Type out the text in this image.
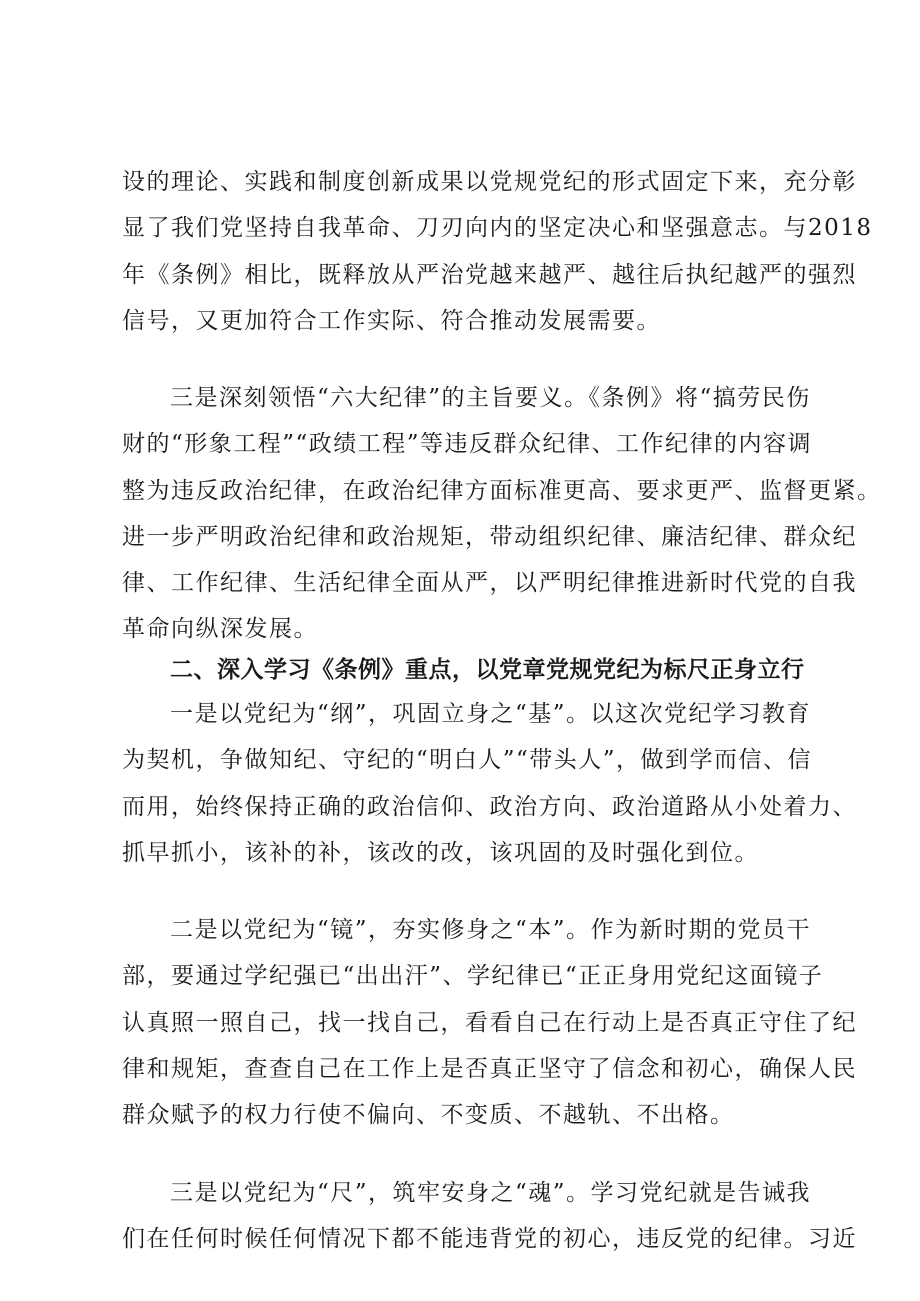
设的理论、实践和制度创新成果以党规党纪的形式固定下来，充分彰
显了我们党坚持自我革命、刀刃向内的坚定决心和坚强意志。与2018
年《条例》相比，既释放从严治党越来越严、越往后执纪越严的强烈
信号，又更加符合工作实际、符合推动发展需要。
三是深刻领悟“六大纪律”的主旨要义。《条例》将“搞劳民伤
财的“形象工程”“政绩工程”等违反群众纪律、工作纪律的内容调
整为违反政治纪律，在政治纪律方面标准更高、要求更严、监督更紧。
进一步严明政治纪律和政治规矩，带动组织纪律、廉洁纪律、群众纪
律、工作纪律、生活纪律全面从严，以严明纪律推进新时代党的自我
革命向纵深发展。
二、深入学习《条例》重点，以党章党规党纪为标尺正身立行
一是以党纪为“纲”，巩固立身之“基”。以这次党纪学习教育
为契机，争做知纪、守纪的“明白人”“带头人”，做到学而信、信
而用，始终保持正确的政治信仰、政治方向、政治道路从小处着力、
抓早抓小，该补的补，该改的改，该巩固的及时强化到位。
二是以党纪为“镜”，夯实修身之“本”。作为新时期的党员干
部，要通过学纪强已“出出汗”、学纪律已“正正身用党纪这面镜子
认真照一照自己，找一找自己，看看自己在行动上是否真正守住了纪
律和规矩，查查自己在工作上是否真正坚守了信念和初心，确保人民
群众赋予的权力行使不偏向、不变质、不越轨、不出格。
三是以党纪为“尺”，筑牢安身之“魂”。学习党纪就是告诫我
们在任何时候任何情况下都不能违背党的初心，违反党的纪律。习近
